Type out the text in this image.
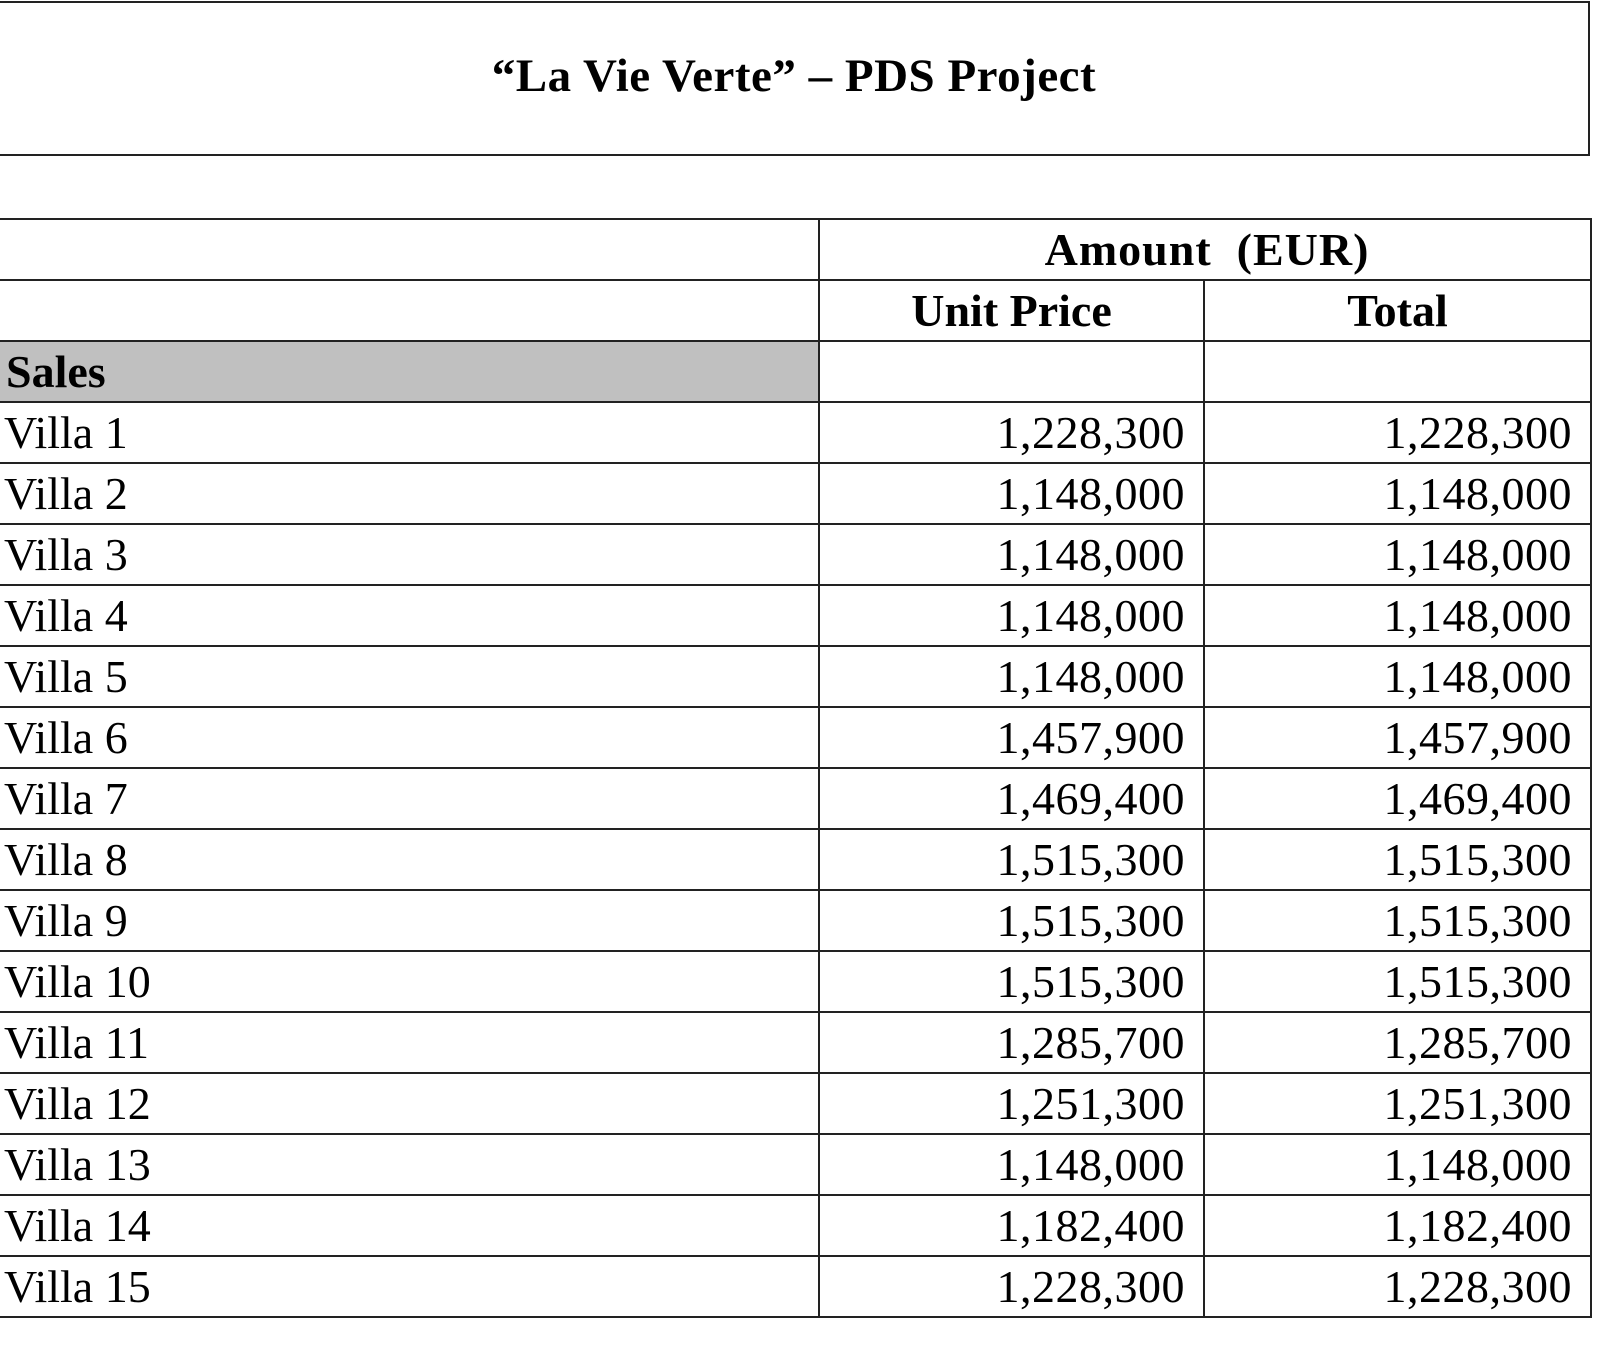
“La Vie Verte” – PDS Project
	Amount  (EUR)	
	Unit Price	Total
Sales		
Villa 1	1,228,300	1,228,300
Villa 2	1,148,000	1,148,000
Villa 3	1,148,000	1,148,000
Villa 4	1,148,000	1,148,000
Villa 5	1,148,000	1,148,000
Villa 6	1,457,900	1,457,900
Villa 7	1,469,400	1,469,400
Villa 8	1,515,300	1,515,300
Villa 9	1,515,300	1,515,300
Villa 10	1,515,300	1,515,300
Villa 11	1,285,700	1,285,700
Villa 12	1,251,300	1,251,300
Villa 13	1,148,000	1,148,000
Villa 14	1,182,400	1,182,400
Villa 15	1,228,300	1,228,300
